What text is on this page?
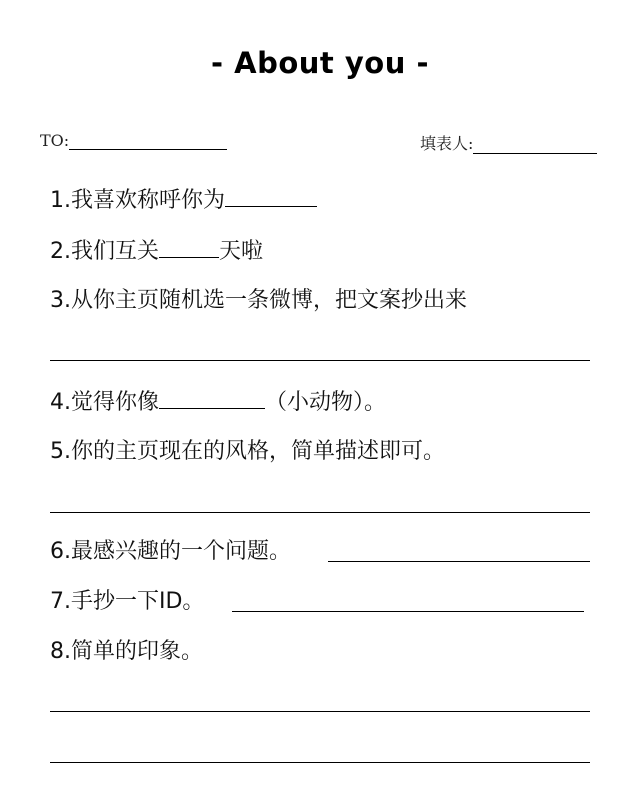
- About you -
TO:	填表人:
1.我喜欢称呼你为
2.我们互关	天啦
3.从你主页随机选一条微博，把文案抄出来
4.觉得你像	（小动物）。
5.你的主页现在的风格，简单描述即可。
6.最感兴趣的一个问题。
7.手抄一下ID。
8.简单的印象。
